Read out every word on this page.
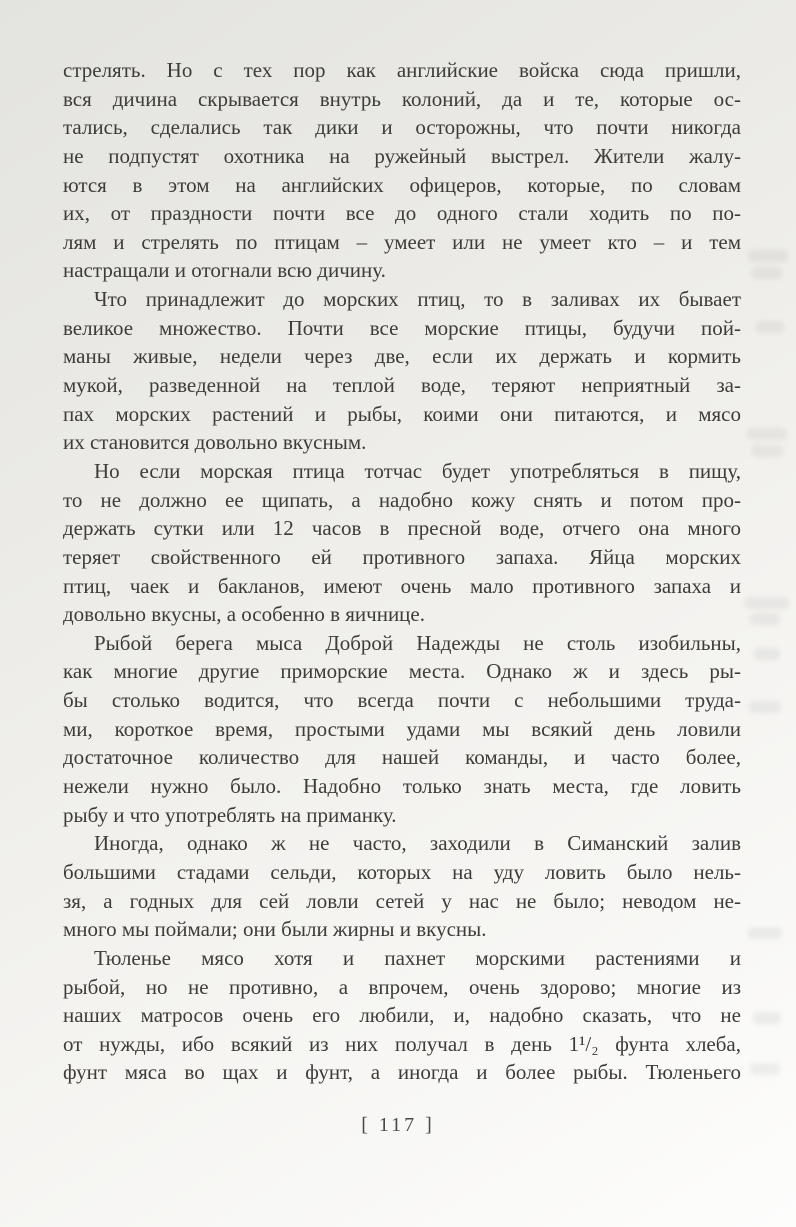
стрелять. Но с тех пор как английские войска сюда пришли,
вся дичина скрывается внутрь колоний, да и те, которые ос-
тались, сделались так дики и осторожны, что почти никогда
не подпустят охотника на ружейный выстрел. Жители жалу-
ются в этом на английских офицеров, которые, по словам
их, от праздности почти все до одного стали ходить по по-
лям и стрелять по птицам – умеет или не умеет кто – и тем
настращали и отогнали всю дичину.
Что принадлежит до морских птиц, то в заливах их бывает
великое множество. Почти все морские птицы, будучи пой-
маны живые, недели через две, если их держать и кормить
мукой, разведенной на теплой воде, теряют неприятный за-
пах морских растений и рыбы, коими они питаются, и мясо
их становится довольно вкусным.
Но если морская птица тотчас будет употребляться в пищу,
то не должно ее щипать, а надобно кожу снять и потом про-
держать сутки или 12 часов в пресной воде, отчего она много
теряет свойственного ей противного запаха. Яйца морских
птиц, чаек и бакланов, имеют очень мало противного запаха и
довольно вкусны, а особенно в яичнице.
Рыбой берега мыса Доброй Надежды не столь изобильны,
как многие другие приморские места. Однако ж и здесь ры-
бы столько водится, что всегда почти с небольшими труда-
ми, короткое время, простыми удами мы всякий день ловили
достаточное количество для нашей команды, и часто более,
нежели нужно было. Надобно только знать места, где ловить
рыбу и что употреблять на приманку.
Иногда, однако ж не часто, заходили в Симанский залив
большими стадами сельди, которых на уду ловить было нель-
зя, а годных для сей ловли сетей у нас не было; неводом не-
много мы поймали; они были жирны и вкусны.
Тюленье мясо хотя и пахнет морскими растениями и
рыбой, но не противно, а впрочем, очень здорово; многие из
наших матросов очень его любили, и, надобно сказать, что не
от нужды, ибо всякий из них получал в день 1¹/₂ фунта хлеба,
фунт мяса во щах и фунт, а иногда и более рыбы. Тюленьего
[ 117 ]
